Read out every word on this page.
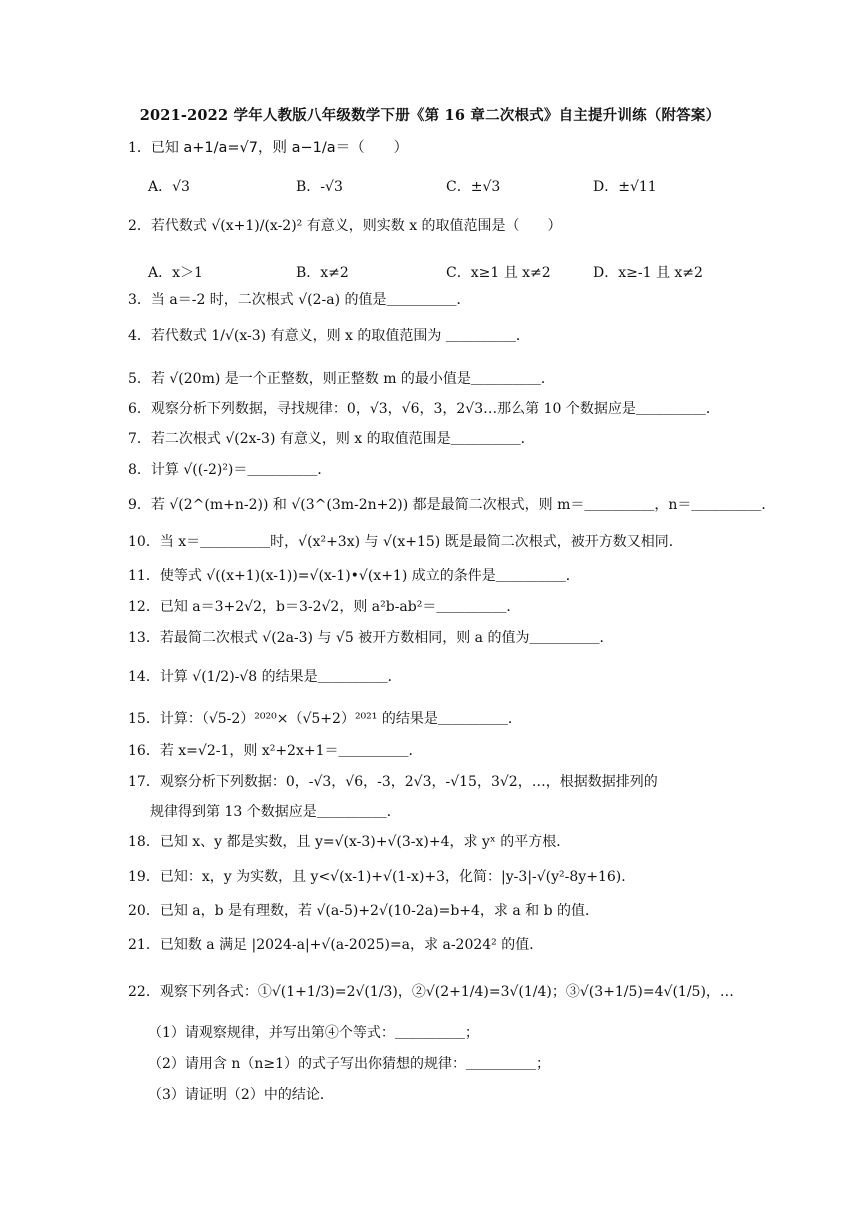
2021-2022 学年人教版八年级数学下册《第 16 章二次根式》自主提升训练（附答案）
1．已知 a+1/a=√7，则 a−1/a＝（　　）
A．√3	B．-√3	C．±√3	D．±√11
2．若代数式 √(x+1)/(x-2)² 有意义，则实数 x 的取值范围是（　　）
A．x＞1	B．x≠2	C．x≥1 且 x≠2	D．x≥-1 且 x≠2
3．当 a＝-2 时，二次根式 √(2-a) 的值是＿＿＿＿＿．
4．若代数式 1/√(x-3) 有意义，则 x 的取值范围为 ＿＿＿＿＿．
5．若 √(20m) 是一个正整数，则正整数 m 的最小值是＿＿＿＿＿．
6．观察分析下列数据，寻找规律：0，√3，√6，3，2√3…那么第 10 个数据应是＿＿＿＿＿．
7．若二次根式 √(2x-3) 有意义，则 x 的取值范围是＿＿＿＿＿．
8．计算 √((-2)²)＝＿＿＿＿＿．
9．若 √(2^(m+n-2)) 和 √(3^(3m-2n+2)) 都是最简二次根式，则 m＝＿＿＿＿＿，n＝＿＿＿＿＿．
10．当 x＝＿＿＿＿＿时，√(x²+3x) 与 √(x+15) 既是最简二次根式，被开方数又相同．
11．使等式 √((x+1)(x-1))=√(x-1)•√(x+1) 成立的条件是＿＿＿＿＿．
12．已知 a＝3+2√2，b＝3-2√2，则 a²b-ab²＝＿＿＿＿＿．
13．若最简二次根式 √(2a-3) 与 √5 被开方数相同，则 a 的值为＿＿＿＿＿．
14．计算 √(1/2)-√8 的结果是＿＿＿＿＿．
15．计算：（√5-2）²⁰²⁰×（√5+2）²⁰²¹ 的结果是＿＿＿＿＿．
16．若 x=√2-1，则 x²+2x+1＝＿＿＿＿＿．
17．观察分析下列数据：0，-√3，√6，-3，2√3，-√15，3√2，…，根据数据排列的
规律得到第 13 个数据应是＿＿＿＿＿．
18．已知 x、y 都是实数，且 y=√(x-3)+√(3-x)+4，求 yˣ 的平方根．
19．已知：x，y 为实数，且 y<√(x-1)+√(1-x)+3，化简：|y-3|-√(y²-8y+16)．
20．已知 a，b 是有理数，若 √(a-5)+2√(10-2a)=b+4，求 a 和 b 的值．
21．已知数 a 满足 |2024-a|+√(a-2025)=a，求 a-2024² 的值．
22．观察下列各式：①√(1+1/3)=2√(1/3)，②√(2+1/4)=3√(1/4)；③√(3+1/5)=4√(1/5)，…
（1）请观察规律，并写出第④个等式：＿＿＿＿＿；
（2）请用含 n（n≥1）的式子写出你猜想的规律：＿＿＿＿＿；
（3）请证明（2）中的结论．
